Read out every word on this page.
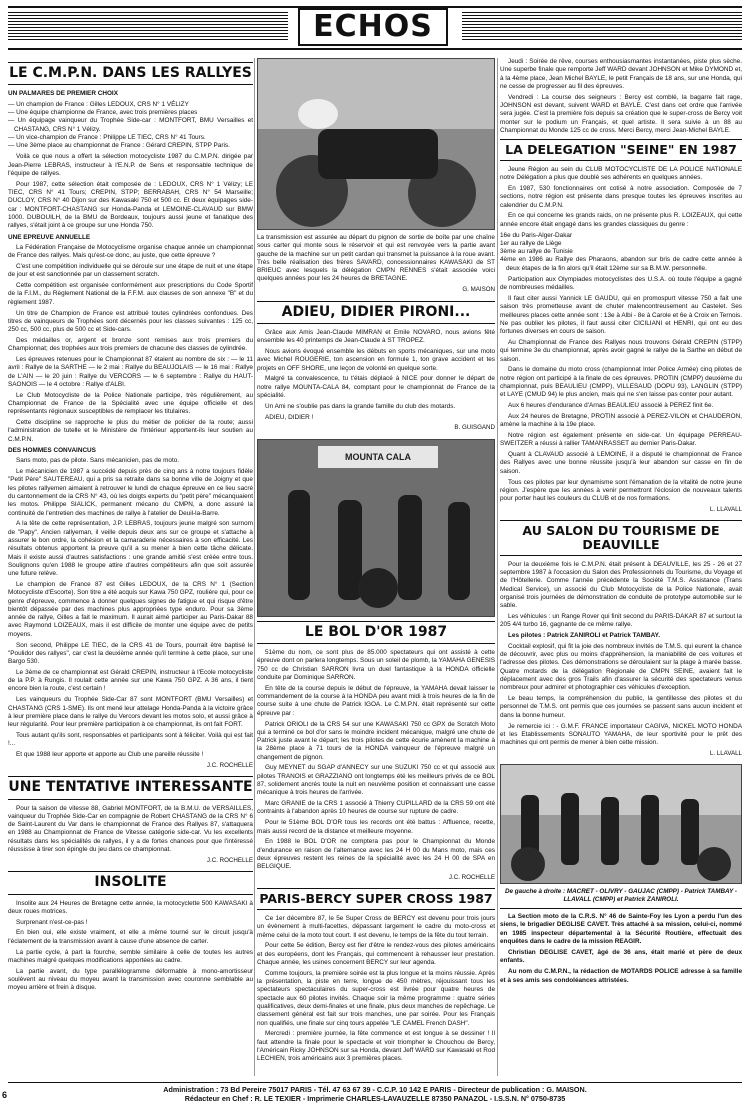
ECHOS
LE C.M.P.N. DANS LES RALLYES

UN PALMARES DE PREMIER CHOIX

— Un champion de France : Gilles LEDOUX, CRS N° 1 VÉLIZY
— Une équipe championne de France, avec trois premières places
— Un équipage vainqueur du Trophée Side-car : MONTFORT, BMU Versailles et CHASTANG, CRS N° 1 Vélizy.
— Un vice-champion de France : Philippe LE TIEC, CRS N° 41 Tours.
— Une 3ème place au championnat de France : Gérard CREPIN, STPP Paris.

Voilà ce que nous a offert la sélection motocycliste 1987 du C.M.P.N. dirigée par Jean-Pierre LEBRAS, instructeur à l'E.N.P. de Sens et responsable technique de l'équipe de rallyes.

Pour 1987, cette sélection était composée de : LEDOUX, CRS N° 1 Vélizy; LE TIEC, CRS N° 41 Tours; CREPIN, STPP; BERRABAH, CRS N° 54 Marseille; DUCLOY, CRS N° 40 Dijon sur des Kawasaki 750 et 500 cc. Et deux équipages side-car : MONTFORT-CHASTANG sur Honda-Panda et LEMOINE-CLAVAUD sur BMW 1000. DUBOUILH, de la BMU de Bordeaux, toujours aussi jeune et fanatique des rallyes, s'était joint à ce groupe sur une Honda 750.

UNE EPREUVE ANNUELLE

La Fédération Française de Motocyclisme organise chaque année un championnat de France des rallyes. Mais qu'est-ce donc, au juste, que cette épreuve ?

C'est une compétition individuelle qui se déroule sur une étape de nuit et une étape de jour et est sanctionnée par un classement scratch.

Cette compétition est organisée conformément aux prescriptions du Code Sportif de la F.I.M., du Règlement National de la F.F.M. aux clauses de son annexe "B" et du règlement 1987.

Un titre de Champion de France est attribué toutes cylindrées confondues. Des titres de vainqueurs de Trophées sont décernés pour les classes suivantes : 125 cc, 250 cc, 500 cc, plus de 500 cc et Side-cars.

Des médailles or, argent et bronze sont remises aux trois premiers du Championnat; des trophées aux trois premiers de chacune des classes de cylindrée.

Les épreuves retenues pour le Championnat 87 étaient au nombre de six : — le 11 avril : Rallye de la SARTHE — le 2 mai : Rallye du BEAUJOLAIS — le 16 mai : Rallye de L'AIN — le 20 juin : Rallye du VERCORS — le 6 septembre : Rallye du HAUT-SAONOIS — le 4 octobre : Rallye d'ALBI.

Le Club Motocycliste de la Police Nationale participe, très régulièrement, au Championnat de France de la Spécialité avec une équipe officielle et des représentants régionaux susceptibles de remplacer les titulaires.

Cette discipline se rapproche le plus du métier de policier de la route; aussi l'administration de tutelle et le Ministère de l'Intérieur apportent-ils leur soutien au C.M.P.N.

DES HOMMES CONVAINCUS

Sans moto, pas de pilote. Sans mécanicien, pas de moto.

Le mécanicien de 1987 a succédé depuis près de cinq ans à notre toujours fidèle "Petit Père" SAUTEREAU, qui a pris sa retraite dans sa bonne ville de Joigny et que les pilotes rallyemen aimaient à retrouver le lundi de chaque épreuve en ce lieu sacré du cantonnement de la CRS N° 43, où les doigts experts du "petit père" mécanquaient les motos. Philippe SIALICK, permanent mécano du CMPN, a donc assuré la continuité de l'entretien des machines de rallye à l'atelier de Deuil-la-Barre.

A la tête de cette représentation, J.P. LEBRAS, toujours jeune malgré son surnom de "Papy". Ancien rallyeman, il veille depuis deux ans sur ce groupe et s'attache à assurer le bon ordre, la cohésion et la camaraderie nécessaires à son efficacité. Les résultats obtenus apportent la preuve qu'il a su mener à bien cette tâche délicate. Mais il existe aussi d'autres satisfactions : une grande amitié s'est créée entre tous. Soulignons qu'en 1988 le groupe attire d'autres compétiteurs afin que soit assurée une future relève.

Le champion de France 87 est Gilles LEDOUX, de la CRS N° 1 (Section Motocycliste d'Escorte). Son titre a été acquis sur Kawa 750 GPZ, roulière qui, pour ce genre d'épreuve, commence à donner quelques signes de fatigue et qui risque d'être bientôt dépassée par des machines plus appropriées type enduro. Pour sa 3ème année de rallye, Gilles a fait le maximum. Il aurait aimé participer au Paris-Dakar 88 avec Raymond LOIZEAUX, mais il est difficile de monter une équipe avec de petits moyens.

Son second, Philippe LE TIEC, de la CRS 41 de Tours, pourrait être baptisé le "Poulidor des rallyes", car c'est la deuxième année qu'il termine à cette place, sur une Bargo 530.

Le 3ème de ce championnat est Gérald CREPIN, instructeur à l'Ecole motocycliste de la P.P. à Rungis. Il roulait cette année sur une Kawa 750 GPZ. A 36 ans, il tient encore bien la route, c'est certain !

Les vainqueurs du Trophée Side-Car 87 sont MONTFORT (BMU Versailles) et CHASTANG (CRS 1-SME). Ils ont mené leur attelage Honda-Panda à la victoire grâce à leur première place dans le rallye du Vercors devant les motos solo, et aussi grâce à leur régularité. Pour leur première participation à ce championnat, ils ont fait FORT.

Tous autant qu'ils sont, responsables et participants sont à féliciter. Voilà qui est fait !...

Et que 1988 leur apporte et apporte au Club une pareille réussite !

J.C. ROCHELLE
UNE TENTATIVE INTERESSANTE

Pour la saison de vitesse 88, Gabriel MONTFORT, de la B.M.U. de VERSAILLES, vainqueur du Trophée Side-Car en compagnie de Robert CHASTANG de la CRS N° 6 de Saint-Laurent du Var dans le championnat de France des Rallyes 87, s'attaquera en 1988 au Championnat de France de Vitesse catégorie side-car. Vu les excellents résultats dans les spécialités de rallyes, il y a de fortes chances pour que l'intéressé réussisse à tirer son épingle du jeu dans ce championnat.

J.C. ROCHELLE
INSOLITE

Insolite aux 24 Heures de Bretagne cette année, la motocyclette 500 KAWASAKI à deux roues motrices.

Surprenant n'est-ce-pas !

En bien oui, elle existe vraiment, et elle a même tourné sur le circuit jusqu'à l'éclatement de la transmission avant à cause d'une absence de carter.

La partie cycle, à part la fourche, semble similaire à celle de toutes les autres machines malgré quelques modifications apportées au cadre.

La partie avant, du type parallélogramme déformable à mono-amortisseur soulèvent au niveau du moyeu avant la transmission avec couronne semblable au moyeu arrière et frein à disque.

La transmission est assurée au départ du pignon de sortie de boîte par une chaîne sous carter qui monte sous le réservoir et qui est renvoyée vers la partie avant gauche de la machine sur un petit cardan qui transmet la puissance à la roue avant. Très belle réalisation des frères SAVARD, concessionnaires KAWASAKI de ST BRIEUC avec lesquels la délégation CMPN RENNES s'était associée voici quelques années pour les 24 heures de BRETAGNE.

G. MAISON
ADIEU, DIDIER PIRONI...

Grâce aux Amis Jean-Claude MIMRAN et Emile NOVARO, nous avions fêté ensemble les 40 printemps de Jean-Claude à ST TROPEZ.

Nous avions évoqué ensemble les débuts en sports mécaniques, sur une moto avec Michel ROUGERIE, ton ascension en formule 1, ton grave accident et tes projets en OFF SHORE, une leçon de volonté en quelque sorte.

Malgré ta convalescence, tu t'étais déplacé à NICE pour donner le départ de notre rallye MOUNTA-CALA 84, comptant pour le championnat de France de la spécialité.

Un Ami ne s'oublie pas dans la grande famille du club des motards.

ADIEU, DIDIER !

B. GUISGAND
MOUNTA CALA
LE BOL D'OR 1987

51ème du nom, ce sont plus de 85.000 spectateurs qui ont assisté à cette épreuve dont on parlera longtemps. Sous un soleil de plomb, la YAMAHA GENESIS 750 cc de Christian SARRON livra un duel fantastique à la HONDA officielle conduite par Dominique SARRON.

En tête de la course depuis le début de l'épreuve, la YAMAHA devait laisser le commandement de la course à la HONDA peu avant midi à trois heures de la fin de course suite à une chute de Patrick IGOA. Le C.M.P.N. était représenté sur cette épreuve par :

Patrick ORIOLI de la CRS 54 sur une KAWASAKI 750 cc GPX de Scratch Moto qui a terminé ce bol d'or sans le moindre incident mécanique, malgré une chute de Patrick juste avant le départ; les trois pilotes de cette écurie amènent la machine à la 28ème place à 71 tours de la HONDA vainqueur de l'épreuve malgré un changement de pignon.

Guy MEYNET du SGAP d'ANNECY sur une SUZUKI 750 cc et qui associé aux pilotes TRANOIS et GRAZZIANO ont longtemps été les meilleurs privés de ce BOL 87, solidement ancrés toute la nuit en neuvième position et connaissant une casse mécanique à trois heures de l'arrivée.

Marc GRANIE de la CRS 1 associé à Thierry CUPILLARD de la CRS 59 ont été contraints à l'abandon après 10 heures de course sur rupture de cadre.

Pour le 51ème BOL D'OR tous les records ont été battus : Affluence, recette, mais aussi record de la distance et meilleure moyenne.

En 1988 le BOL D'OR ne comptera pas pour le Championnat du Monde d'endurance en raison de l'alternance avec les 24 H 00 du Mans moto, mais ces deux épreuves restent les reines de la spécialité avec les 24 H 00 de SPA en BELGIQUE.

J.C. ROCHELLE
PARIS-BERCY SUPER CROSS 1987

Ce 1er décembre 87, le 5e Super Cross de BERCY est devenu pour trois jours un évènement à multi-facettes, dépassant largement le cadre du moto-cross et même celui de la moto tout court. Il est devenu, le temps de la fête du tout terrain.

Pour cette 5e édition, Bercy est fier d'être le rendez-vous des pilotes américains et des européens, dont les Français, qui commencent à rehausser leur prestation. Chaque année, les usines concernent BERCY sur leur agenda.

Comme toujours, la première soirée est la plus longue et la moins réussie. Après la présentation, la piste en terre, longue de 450 mètres, réjouissant tous les spectateurs spectaculaires du super-cross est livrée pour quatre heures de spectacle aux 60 pilotes invités. Chaque soir la même programme : quatre séries qualificatives, deux demi-finales et une finale, plus deux manches de repêchage. Le classement général est fait sur trois manches, une par soirée. Pour les Français non qualifiés, une finale sur cinq tours appelée "LE CAMEL French DASH".

Mercredi : première journée, la fête commence et est longue à se dessiner ! Il faut attendre la finale pour le spectacle et voir triompher le Chouchou de Bercy, l'Américain Ricky JOHNSON sur sa Honda, devant Jeff WARD sur Kawasaki et Rod LECHIEN, trois américains aux 3 premières places.

Jeudi : Soirée de rêve, courses enthousiasmantes instantanées, piste plus sèche. Une superbe finale que remporte Jeff WARD devant JOHNSON et Mike DYMOND et, à la 4ème place, Jean Michel BAYLE, le petit Français de 18 ans, sur une Honda, qui ne cesse de progresser au fil des épreuves.

Vendredi : La course des seigneurs : Bercy est comblé, la bagarre fait rage, JOHNSON est devant, suivent WARD et BAYLE. C'est dans cet ordre que l'arrivée sera jugée. C'est la première fois depuis sa création que le super-cross de Bercy voit monter sur le podium un Français, et quel artiste. Il sera suivie à un 88 au Championnat du Monde 125 cc de cross. Merci Bercy, merci Jean-Michel BAYLE.

LA DELEGATION "SEINE" EN 1987

Jeune Région au sein du CLUB MOTOCYCLISTE DE LA POLICE NATIONALE notre Délégation a plus que doublé ses adhérents en quelques années.

En 1987, 530 fonctionnaires ont cotisé à notre association. Composée de 7 sections, notre région est présente dans presque toutes les épreuves inscrites au calendrier du C.M.P.N.

En ce qui concerne les grands raids, on ne présente plus R. LOIZEAUX, qui cette année encore était engagé dans les grandes classiques du genre :

16e du Paris-Alger-Dakar
1er au rallye de Liège
3ème au rallye de Tunisie
4ème en 1986 au Rallye des Pharaons, abandon sur bris de cadre cette année à deux étapes de la fin alors qu'il était 12ème sur sa B.M.W. personnelle.

Participation aux Olympiades motocyclistes des U.S.A. où toute l'équipe a gagné de nombreuses médailles.

Il faut citer aussi Yannick LE GAUDU, qui en promospurt vitesse 750 a fait une saison très prometteuse avant de chuter malencontreusement au Castelet. Ses meilleures places cette année sont : 13e à Albi - 8e à Carole et 6e à Croix en Ternois. Ne pas oublier les pilotes, il faut aussi citer CICILIANI et HENRI, qui ont eu des fortunes diverses en cours de saison.

Au Championnat de France des Rallyes nous trouvons Gérald CREPIN (STPP) qui termine 3e du championnat, après avoir gagné le rallye de la Sarthe en début de saison.

Dans le domaine du moto cross (championnat Inter Police Armée) cinq pilotes de notre région ont participé à la finale de ces épreuves. PROTIN (CMPP) deuxième du championnat, puis BEAULIEU (CMPP), VILLESAUD (DOPU 93), LANGLIN (STPP) et LAYE (CMUD 94) le plus ancien, mais qui ne s'en laisse pas conter pour autant.

Aux 6 heures d'endurance d'Arnas BEAULIEU associé à PEREZ finit 6e.

Aux 24 heures de Bretagne, PROTIN associé à PEREZ-VILON et CHAUDERON, amène la machine à la 19e place.

Notre région est également présente en side-car. Un équipage PERREAU-SWEITZER a réussi à rallier TAMANRASSET au dernier Paris-Dakar.

Quant à CLAVAUD associé à LEMOINE, il a disputé le championnat de France des Rallyes avec une bonne réussite jusqu'à leur abandon sur casse en fin de saison.

Tous ces pilotes par leur dynamisme sont l'émanation de la vitalité de notre jeune région. J'espère que les années à venir permettront l'éclosion de nouveaux talents pour porter haut les couleurs du CLUB et de nos formations.

L. LLAVALL
AU SALON DU TOURISME DE DEAUVILLE

Pour la deuxième fois le C.M.P.N. était présent à DEAUVILLE, les 25 - 26 et 27 septembre 1987 à l'occasion du Salon des Professionnels du Tourisme, du Voyage et de l'Hôtellerie. Comme l'année précédente la Société T.M.S. Assistance (Trans Medical Service), un associé du Club Motocycliste de la Police Nationale, avait organisé trois journées de démonstration de conduite de prototype automobile sur le sable.

Les véhicules : un Range Rover qui finit second du PARIS-DAKAR 87 et surtout la 205 4/4 turbo 16, gagnante de ce même rallye.

Les pilotes : Patrick ZANIROLI et Patrick TAMBAY.

Cocktail explosif, qui fit la joie des nombreux invités de T.M.S. qui eurent la chance de découvrir, avec plus ou moins d'appréhension, la maniabilité de ces voitures et l'adresse des pilotes. Ces démonstrations se déroulaient sur la plage à marée basse. Quatre motards de la délégation Régionale de CMPN SEINE, avaient fait le déplacement avec des gros Trails afin d'assurer la sécurité des spectateurs venus nombreux pour admirer et photographier ces véhicules d'exception.

Le beau temps, la compréhension du public, la gentillesse des pilotes et du personnel de T.M.S. ont permis que ces journées se passent sans aucun incident et dans la bonne humeur.

Je remercie ici : - G.M.F. FRANCE importateur CAGIVA, NICKEL MOTO HONDA et les Etablissements SONAUTO YAMAHA, de leur sportivité pour le prêt des machines qui ont permis de mener à bien cette mission.

L. LLAVALL
De gauche à droite : MACRET - OLIVRY - GAUJAC (CMPP) - Patrick TAMBAY - LLAVALL (CMPP) et Patrick ZANIROLI.

La Section moto de la C.R.S. N° 46 de Sainte-Foy les Lyon a perdu l'un des siens, le brigadier DEGLISE CAVET. Très attaché à sa mission, celui-ci, nommé en 1985 inspecteur départemental à la Sécurité Routière, effectuait des enquêtes dans le cadre de la mission REAGIR.

Christian DEGLISE CAVET, âgé de 36 ans, était marié et père de deux enfants.

Au nom du C.M.P.N., la rédaction de MOTARDS POLICE adresse à sa famille et à ses amis ses condoléances attristées.

6
Administration : 73 Bd Pereire 75017 PARIS - Tél. 47 63 67 39 - C.C.P. 10 142 E PARIS - Directeur de publication : G. MAISON.
Rédacteur en Chef : R. LE TEXIER - Imprimerie CHARLES-LAVAUZELLE 87350 PANAZOL - I.S.S.N. N° 0750-8735
